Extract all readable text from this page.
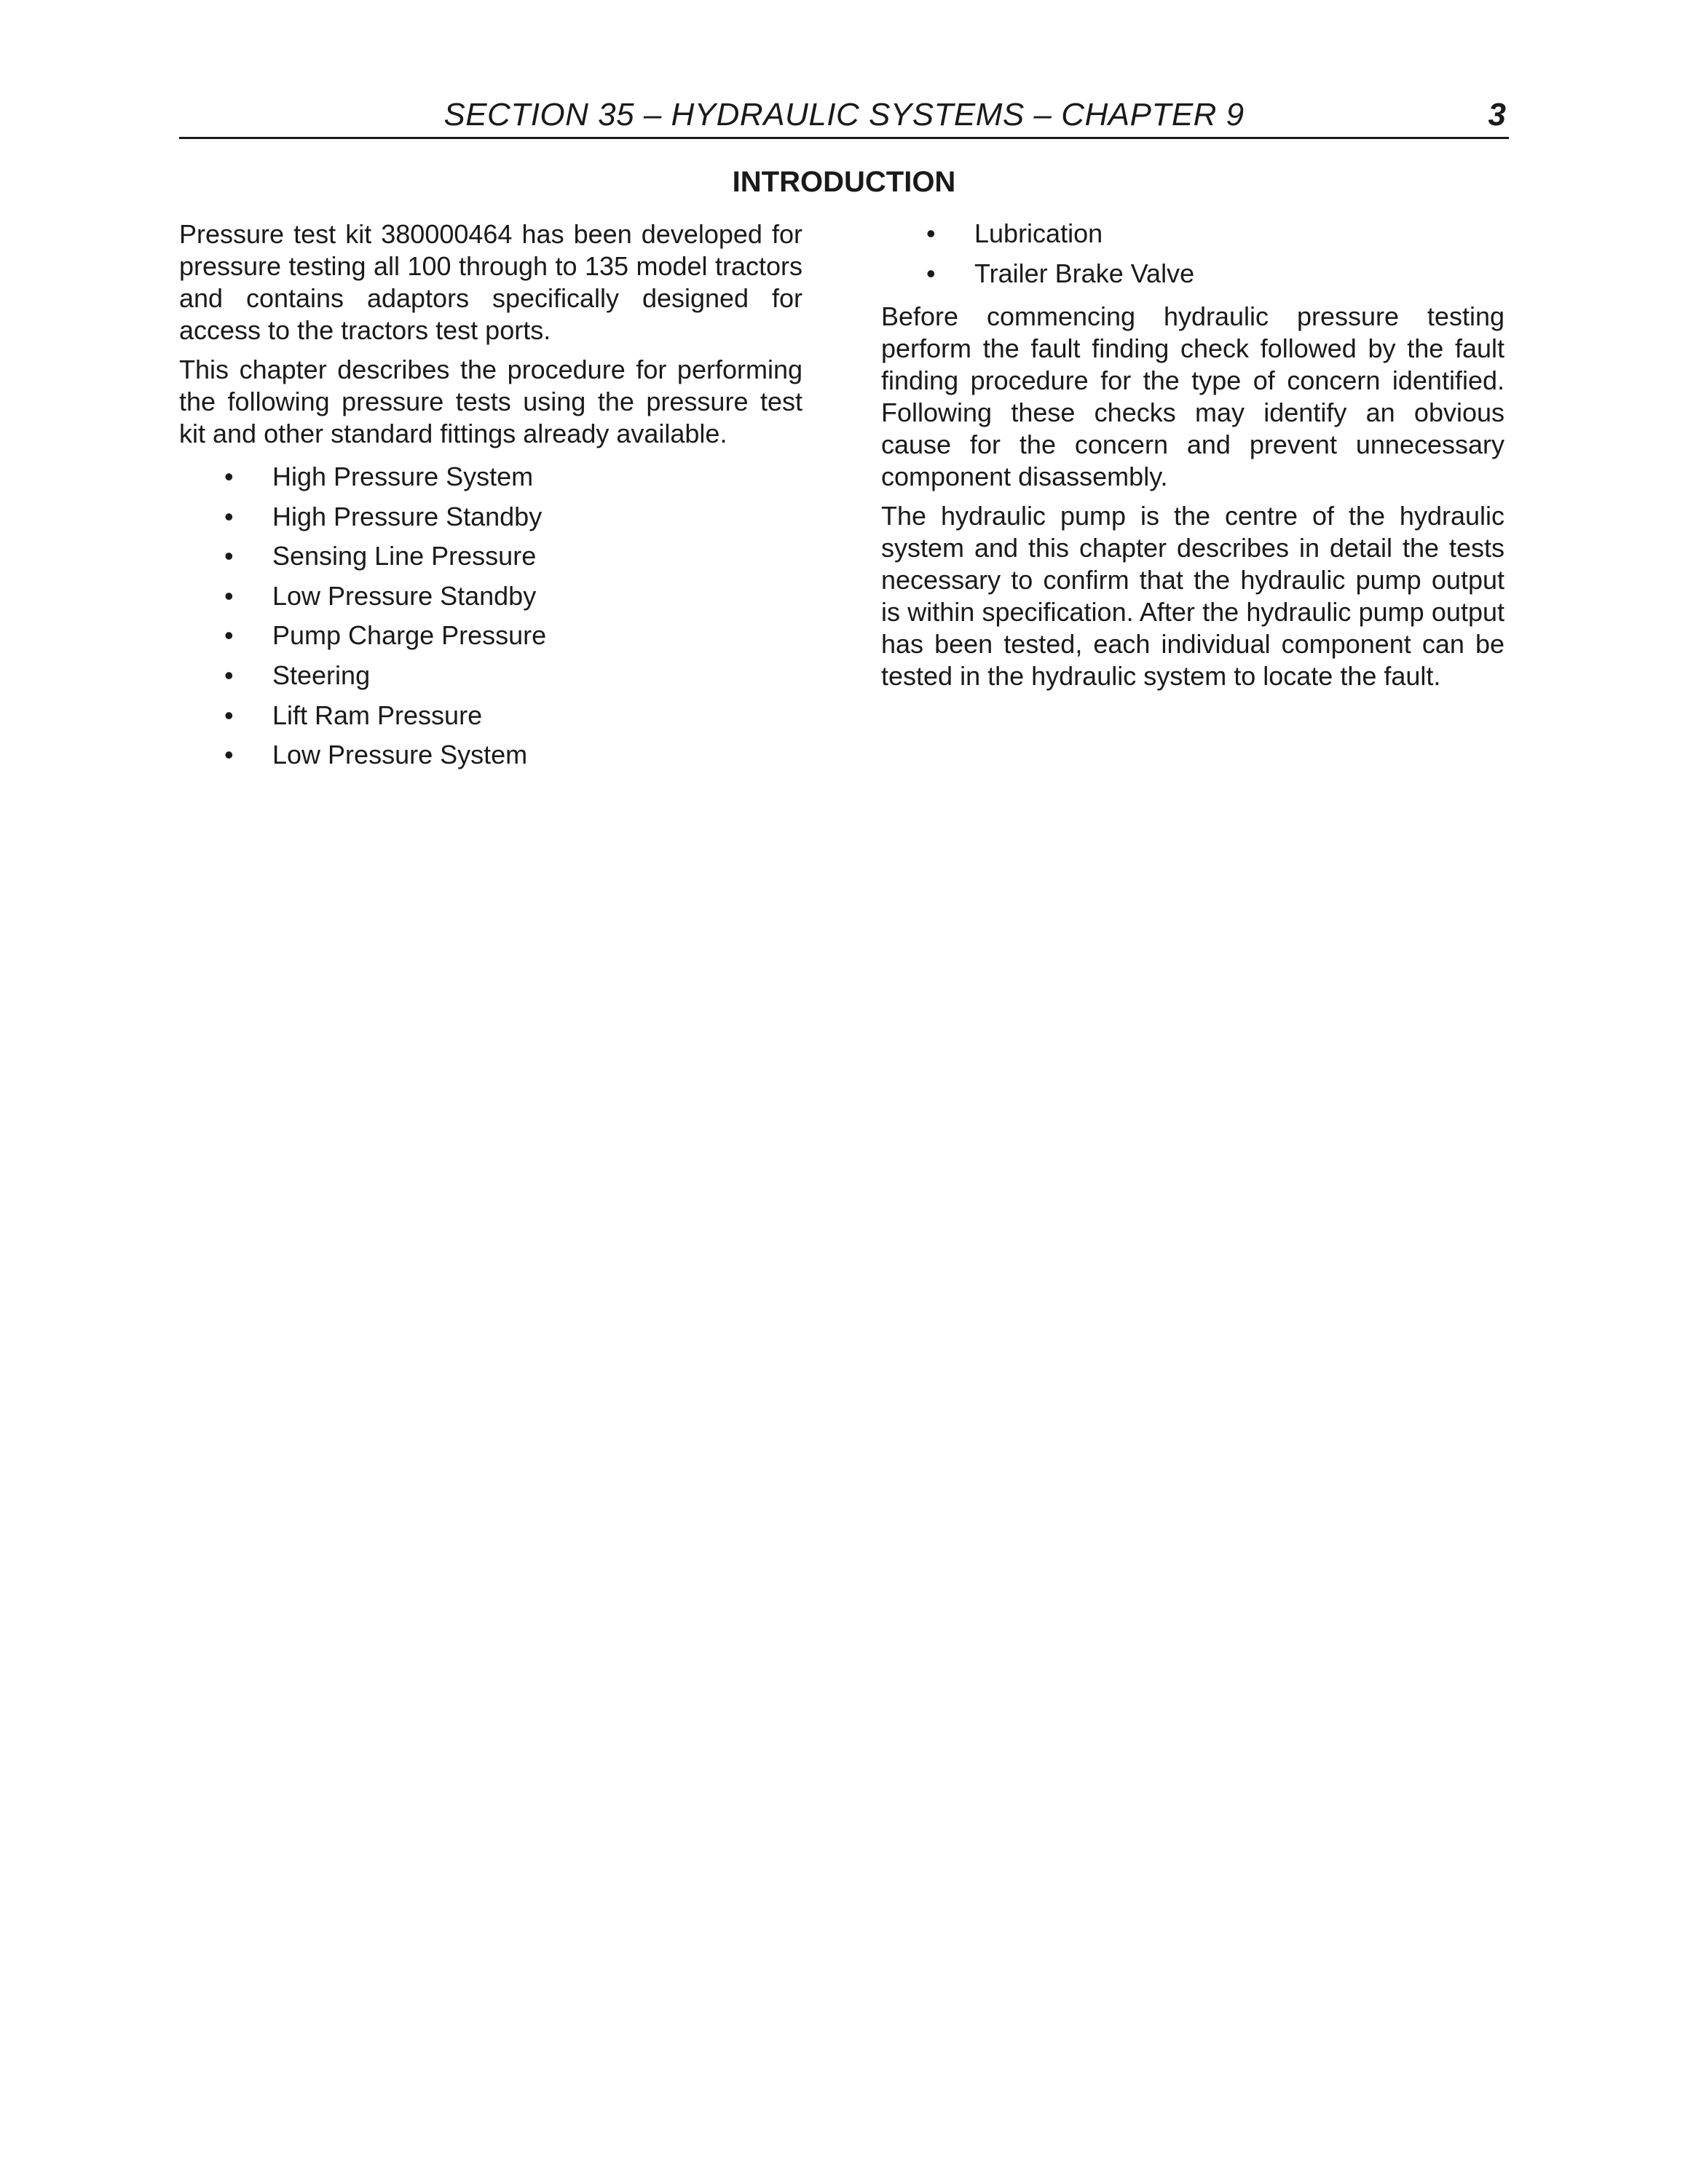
SECTION 35 – HYDRAULIC SYSTEMS – CHAPTER 9	3
INTRODUCTION

Pressure test kit 380000464 has been developed for pressure testing all 100 through to 135 model tractors and contains adaptors specifically designed for access to the tractors test ports.

This chapter describes the procedure for performing the following pressure tests using the pressure test kit and other standard fittings already available.

• High Pressure System
• High Pressure Standby
• Sensing Line Pressure
• Low Pressure Standby
• Pump Charge Pressure
• Steering
• Lift Ram Pressure
• Low Pressure System
• Lubrication
• Trailer Brake Valve

Before commencing hydraulic pressure testing perform the fault finding check followed by the fault finding procedure for the type of concern identified. Following these checks may identify an obvious cause for the concern and prevent unnecessary component disassembly.

The hydraulic pump is the centre of the hydraulic system and this chapter describes in detail the tests necessary to confirm that the hydraulic pump output is within specification. After the hydraulic pump output has been tested, each individual component can be tested in the hydraulic system to locate the fault.
